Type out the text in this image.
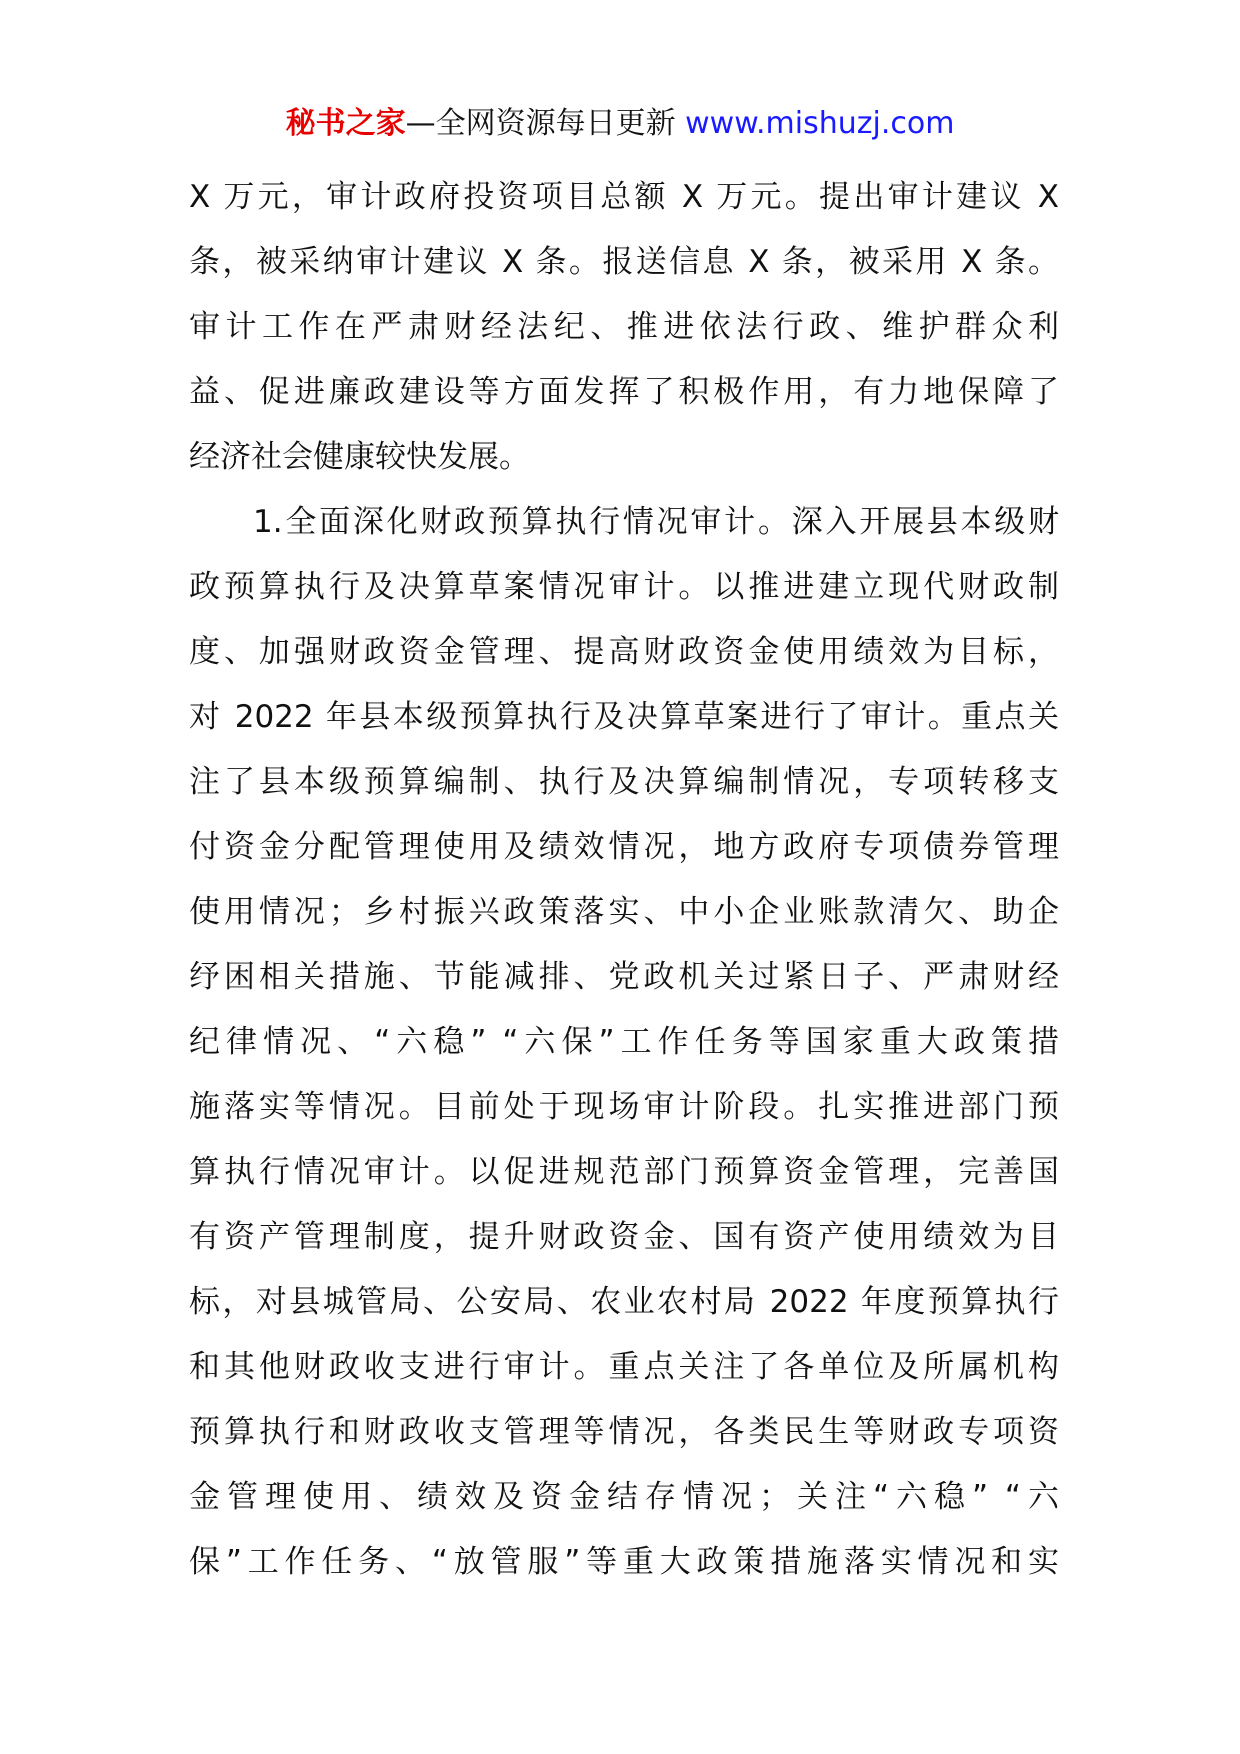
秘书之家—全网资源每日更新 www.mishuzj.com
X 万元，审计政府投资项目总额 X 万元。提出审计建议 X
条，被采纳审计建议 X 条。报送信息 X 条，被采用 X 条。
审计工作在严肃财经法纪、推进依法行政、维护群众利
益、促进廉政建设等方面发挥了积极作用，有力地保障了
经济社会健康较快发展。
1.全面深化财政预算执行情况审计。深入开展县本级财
政预算执行及决算草案情况审计。以推进建立现代财政制
度、加强财政资金管理、提高财政资金使用绩效为目标，
对 2022 年县本级预算执行及决算草案进行了审计。重点关
注了县本级预算编制、执行及决算编制情况，专项转移支
付资金分配管理使用及绩效情况，地方政府专项债券管理
使用情况；乡村振兴政策落实、中小企业账款清欠、助企
纾困相关措施、节能减排、党政机关过紧日子、严肃财经
纪律情况、“六稳” “六保”工作任务等国家重大政策措
施落实等情况。目前处于现场审计阶段。扎实推进部门预
算执行情况审计。以促进规范部门预算资金管理，完善国
有资产管理制度，提升财政资金、国有资产使用绩效为目
标，对县城管局、公安局、农业农村局 2022 年度预算执行
和其他财政收支进行审计。重点关注了各单位及所属机构
预算执行和财政收支管理等情况，各类民生等财政专项资
金管理使用、绩效及资金结存情况；关注“六稳” “六
保”工作任务、“放管服”等重大政策措施落实情况和实
